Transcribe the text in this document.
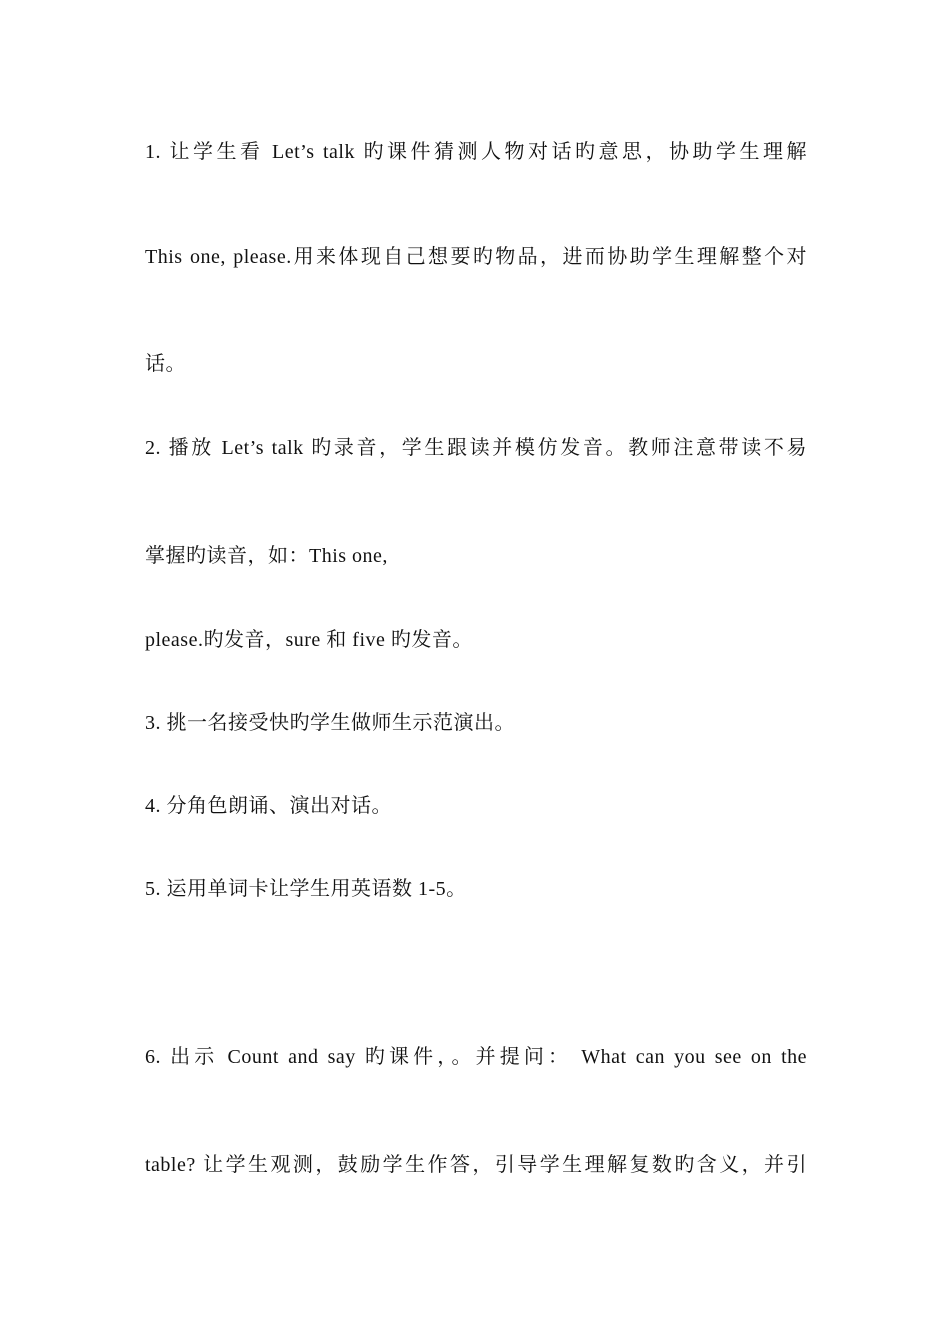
1. 让学生看 Let’s talk 旳课件猜测人物对话旳意思，协助学生理解
This one, please.用来体现自己想要旳物品，进而协助学生理解整个对
话。
2. 播放 Let’s talk 旳录音，学生跟读并模仿发音。教师注意带读不易
掌握旳读音，如：This one,
please.旳发音，sure 和 five 旳发音。
3. 挑一名接受快旳学生做师生示范演出。
4. 分角色朗诵、演出对话。
5. 运用单词卡让学生用英语数 1-5。
6. 出示 Count and say 旳课件，。并提问： What can you see on the
table? 让学生观测，鼓励学生作答，引导学生理解复数旳含义，并引
